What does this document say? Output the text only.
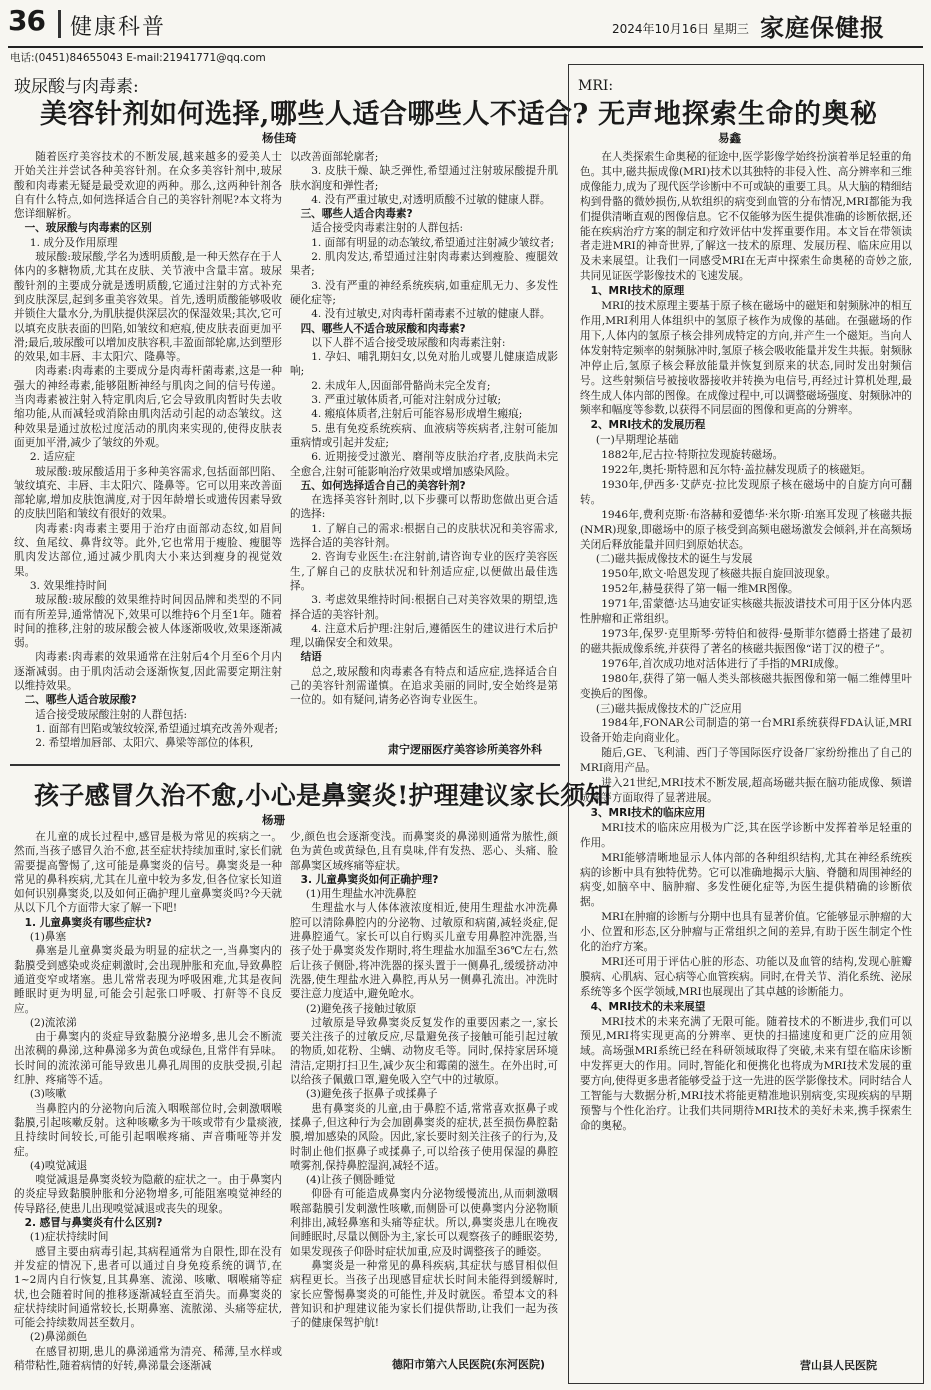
36 健康科普	2024年10月16日 星期三 家庭保健报
电话:(0451)84655043 E-mail:21941771@qq.com
玻尿酸与肉毒素:
美容针剂如何选择,哪些人适合哪些人不适合?
杨佳琦

随着医疗美容技术的不断发展,越来越多的爱美人士开始关注并尝试各种美容针剂。在众多美容针剂中,玻尿酸和肉毒素无疑是最受欢迎的两种。那么,这两种针剂各自有什么特点,如何选择适合自己的美容针剂呢?本文将为您详细解析。

一、玻尿酸与肉毒素的区别

1. 成分及作用原理

玻尿酸:玻尿酸,学名为透明质酸,是一种天然存在于人体内的多糖物质,尤其在皮肤、关节液中含量丰富。玻尿酸针剂的主要成分就是透明质酸,它通过注射的方式补充到皮肤深层,起到多重美容效果。首先,透明质酸能够吸收并锁住大量水分,为肌肤提供深层次的保湿效果;其次,它可以填充皮肤表面的凹陷,如皱纹和疤痕,使皮肤表面更加平滑;最后,玻尿酸可以增加皮肤容积,丰盈面部轮廓,达到塑形的效果,如丰唇、丰太阳穴、隆鼻等。

肉毒素:肉毒素的主要成分是肉毒杆菌毒素,这是一种强大的神经毒素,能够阻断神经与肌肉之间的信号传递。当肉毒素被注射入特定肌肉后,它会导致肌肉暂时失去收缩功能,从而减轻或消除由肌肉活动引起的动态皱纹。这种效果是通过放松过度活动的肌肉来实现的,使得皮肤表面更加平滑,减少了皱纹的外观。

2. 适应症

玻尿酸:玻尿酸适用于多种美容需求,包括面部凹陷、皱纹填充、丰唇、丰太阳穴、隆鼻等。它可以用来改善面部轮廓,增加皮肤饱满度,对于因年龄增长或遗传因素导致的皮肤凹陷和皱纹有很好的效果。

肉毒素:肉毒素主要用于治疗由面部动态纹,如眉间纹、鱼尾纹、鼻背纹等。此外,它也常用于瘦脸、瘦腿等肌肉发达部位,通过减少肌肉大小来达到瘦身的视觉效果。

3. 效果维持时间

玻尿酸:玻尿酸的效果维持时间因品牌和类型的不同而有所差异,通常情况下,效果可以维持6个月至1年。随着时间的推移,注射的玻尿酸会被人体逐渐吸收,效果逐渐减弱。

肉毒素:肉毒素的效果通常在注射后4个月至6个月内逐渐减弱。由于肌肉活动会逐渐恢复,因此需要定期注射以维持效果。

二、哪些人适合玻尿酸?

适合接受玻尿酸注射的人群包括:

1. 面部有凹陷或皱纹较深,希望通过填充改善外观者;

2. 希望增加唇部、太阳穴、鼻梁等部位的体积,

以改善面部轮廓者;

3. 皮肤干燥、缺乏弹性,希望通过注射玻尿酸提升肌肤水润度和弹性者;

4. 没有严重过敏史,对透明质酸不过敏的健康人群。

三、哪些人适合肉毒素?

适合接受肉毒素注射的人群包括:

1. 面部有明显的动态皱纹,希望通过注射减少皱纹者;

2. 肌肉发达,希望通过注射肉毒素达到瘦脸、瘦腿效果者;

3. 没有严重的神经系统疾病,如重症肌无力、多发性硬化症等;

4. 没有过敏史,对肉毒杆菌毒素不过敏的健康人群。

四、哪些人不适合玻尿酸和肉毒素?

以下人群不适合接受玻尿酸和肉毒素注射:

1. 孕妇、哺乳期妇女,以免对胎儿或婴儿健康造成影响;

2. 未成年人,因面部骨骼尚未完全发育;

3. 严重过敏体质者,可能对注射成分过敏;

4. 瘢痕体质者,注射后可能容易形成增生瘢痕;

5. 患有免疫系统疾病、血液病等疾病者,注射可能加重病情或引起并发症;

6. 近期接受过激光、磨削等皮肤治疗者,皮肤尚未完全愈合,注射可能影响治疗效果或增加感染风险。

五、如何选择适合自己的美容针剂?

在选择美容针剂时,以下步骤可以帮助您做出更合适的选择:

1. 了解自己的需求:根据自己的皮肤状况和美容需求,选择合适的美容针剂。

2. 咨询专业医生:在注射前,请咨询专业的医疗美容医生,了解自己的皮肤状况和针剂适应症,以便做出最佳选择。

3. 考虑效果维持时间:根据自己对美容效果的期望,选择合适的美容针剂。

4. 注意术后护理:注射后,遵循医生的建议进行术后护理,以确保安全和效果。

结语

总之,玻尿酸和肉毒素各有特点和适应症,选择适合自己的美容针剂需谨慎。在追求美丽的同时,安全始终是第一位的。如有疑问,请务必咨询专业医生。

肃宁逻丽医疗美容诊所美容外科
孩子感冒久治不愈,小心是鼻窦炎!护理建议家长须知
杨珊

在儿童的成长过程中,感冒是极为常见的疾病之一。然而,当孩子感冒久治不愈,甚至症状持续加重时,家长们就需要提高警惕了,这可能是鼻窦炎的信号。鼻窦炎是一种常见的鼻科疾病,尤其在儿童中较为多发,但各位家长知道如何识别鼻窦炎,以及如何正确护理儿童鼻窦炎吗?今天就从以下几个方面带大家了解一下吧!

1. 儿童鼻窦炎有哪些症状?

(1)鼻塞

鼻塞是儿童鼻窦炎最为明显的症状之一,当鼻窦内的黏膜受到感染或炎症刺激时,会出现肿胀和充血,导致鼻腔通道变窄或堵塞。患儿常常表现为呼吸困难,尤其是夜间睡眠时更为明显,可能会引起张口呼吸、打鼾等不良反应。

(2)流浓涕

由于鼻窦内的炎症导致黏膜分泌增多,患儿会不断流出浓稠的鼻涕,这种鼻涕多为黄色或绿色,且常伴有异味。长时间的流浓涕可能导致患儿鼻孔周围的皮肤受损,引起红肿、疼痛等不适。

(3)咳嗽

当鼻腔内的分泌物向后流入咽喉部位时,会刺激咽喉黏膜,引起咳嗽反射。这种咳嗽多为干咳或带有少量痰液,且持续时间较长,可能引起咽喉疼痛、声音嘶哑等并发症。

(4)嗅觉减退

嗅觉减退是鼻窦炎较为隐蔽的症状之一。由于鼻窦内的炎症导致黏膜肿胀和分泌物增多,可能阻塞嗅觉神经的传导路径,使患儿出现嗅觉减退或丧失的现象。

2. 感冒与鼻窦炎有什么区别?

(1)症状持续时间

感冒主要由病毒引起,其病程通常为自限性,即在没有并发症的情况下,患者可以通过自身免疫系统的调节,在1~2周内自行恢复,且其鼻塞、流涕、咳嗽、咽喉痛等症状,也会随着时间的推移逐渐减轻直至消失。而鼻窦炎的症状持续时间通常较长,长期鼻塞、流脓涕、头痛等症状,可能会持续数周甚至数月。

(2)鼻涕颜色

在感冒初期,患儿的鼻涕通常为清亮、稀薄,呈水样或稍带粘性,随着病情的好转,鼻涕量会逐渐减

少,颜色也会逐渐变浅。而鼻窦炎的鼻涕则通常为脓性,颜色为黄色或黄绿色,且有臭味,伴有发热、恶心、头痛、脸部鼻窦区域疼痛等症状。

3. 儿童鼻窦炎如何正确护理?

(1)用生理盐水冲洗鼻腔

生理盐水与人体体液浓度相近,使用生理盐水冲洗鼻腔可以清除鼻腔内的分泌物、过敏原和病菌,减轻炎症,促进鼻腔通气。家长可以自行购买儿童专用鼻腔冲洗器,当孩子处于鼻窦炎发作期时,将生理盐水加温至36℃左右,然后让孩子侧卧,将冲洗器的探头置于一侧鼻孔,缓缓挤动冲洗器,使生理盐水进入鼻腔,再从另一侧鼻孔流出。冲洗时要注意力度适中,避免呛水。

(2)避免孩子接触过敏原

过敏原是导致鼻窦炎反复发作的重要因素之一,家长要关注孩子的过敏反应,尽量避免孩子接触可能引起过敏的物质,如花粉、尘螨、动物皮毛等。同时,保持家居环境清洁,定期打扫卫生,减少灰尘和霉菌的滋生。在外出时,可以给孩子佩戴口罩,避免吸入空气中的过敏原。

(3)避免孩子抠鼻子或揉鼻子

患有鼻窦炎的儿童,由于鼻腔不适,常常喜欢抠鼻子或揉鼻子,但这种行为会加剧鼻窦炎的症状,甚至损伤鼻腔黏膜,增加感染的风险。因此,家长要时刻关注孩子的行为,及时制止他们抠鼻子或揉鼻子,可以给孩子使用保湿的鼻腔喷雾剂,保持鼻腔湿润,减轻不适。

(4)让孩子侧卧睡觉

仰卧有可能造成鼻窦内分泌物缓慢流出,从而刺激咽喉部黏膜引发刺激性咳嗽,而侧卧可以使鼻窦内分泌物顺利排出,减轻鼻塞和头痛等症状。所以,鼻窦炎患儿在晚夜间睡眠时,尽量以侧卧为主,家长可以观察孩子的睡眠姿势,如果发现孩子仰卧时症状加重,应及时调整孩子的睡姿。

鼻窦炎是一种常见的鼻科疾病,其症状与感冒相似但病程更长。当孩子出现感冒症状长时间未能得到缓解时,家长应警惕鼻窦炎的可能性,并及时就医。希望本文的科普知识和护理建议能为家长们提供帮助,让我们一起为孩子的健康保驾护航!

德阳市第六人民医院(东河医院)
MRI:
无声地探索生命的奥秘
易鑫

在人类探索生命奥秘的征途中,医学影像学始终扮演着举足轻重的角色。其中,磁共振成像(MRI)技术以其独特的非侵入性、高分辨率和三维成像能力,成为了现代医学诊断中不可或缺的重要工具。从大脑的精细结构到骨骼的微妙损伤,从软组织的病变到血管的分布情况,MRI都能为我们提供清晰直观的图像信息。它不仅能够为医生提供准确的诊断依据,还能在疾病治疗方案的制定和疗效评估中发挥重要作用。本文旨在带领读者走进MRI的神奇世界,了解这一技术的原理、发展历程、临床应用以及未来展望。让我们一同感受MRI在无声中探索生命奥秘的奇妙之旅,共同见证医学影像技术的飞速发展。

1、MRI技术的原理

MRI的技术原理主要基于原子核在磁场中的磁矩和射频脉冲的相互作用,MRI利用人体组织中的氢原子核作为成像的基础。在强磁场的作用下,人体内的氢原子核会排列成特定的方向,并产生一个磁矩。当向人体发射特定频率的射频脉冲时,氢原子核会吸收能量并发生共振。射频脉冲停止后,氢原子核会释放能量并恢复到原来的状态,同时发出射频信号。这些射频信号被接收器接收并转换为电信号,再经过计算机处理,最终生成人体内部的图像。在成像过程中,可以调整磁场强度、射频脉冲的频率和幅度等参数,以获得不同层面的图像和更高的分辨率。

2、MRI技术的发展历程

(一)早期理论基础

1882年,尼古拉·特斯拉发现旋转磁场。

1922年,奥托·斯特恩和瓦尔特·盖拉赫发现质子的核磁矩。

1930年,伊西多·艾萨克·拉比发现原子核在磁场中的自旋方向可翻转。

1946年,费利克斯·布洛赫和爱德华·米尔斯·珀塞耳发现了核磁共振(NMR)现象,即磁场中的原子核受到高频电磁场激发会倾斜,并在高频场关闭后释放能量并回归到原始状态。

(二)磁共振成像技术的诞生与发展

1950年,欧文·哈恩发现了核磁共振自旋回波现象。

1952年,赫曼获得了第一幅一维MR图像。

1971年,雷蒙德·达马迪安证实核磁共振波谱技术可用于区分体内恶性肿瘤和正常组织。

1973年,保罗·克里斯琴·劳特伯和彼得·曼斯菲尔德爵士搭建了最初的磁共振成像系统,并获得了著名的核磁共振图像“诺丁汉的橙子”。

1976年,首次成功地对活体进行了手指的MRI成像。

1980年,获得了第一幅人类头部核磁共振图像和第一幅二维傅里叶变换后的图像。

(三)磁共振成像技术的广泛应用

1984年,FONAR公司制造的第一台MRI系统获得FDA认证,MRI设备开始走向商业化。

随后,GE、飞利浦、西门子等国际医疗设备厂家纷纷推出了自己的MRI商用产品。

进入21世纪,MRI技术不断发展,超高场磁共振在脑功能成像、频谱成像等方面取得了显著进展。

3、MRI技术的临床应用

MRI技术的临床应用极为广泛,其在医学诊断中发挥着举足轻重的作用。

MRI能够清晰地显示人体内部的各种组织结构,尤其在神经系统疾病的诊断中具有独特优势。它可以准确地揭示大脑、脊髓和周围神经的病变,如脑卒中、脑肿瘤、多发性硬化症等,为医生提供精确的诊断依据。

MRI在肿瘤的诊断与分期中也具有显著价值。它能够显示肿瘤的大小、位置和形态,区分肿瘤与正常组织之间的差异,有助于医生制定个性化的治疗方案。

MRI还可用于评估心脏的形态、功能以及血管的结构,发现心脏瓣膜病、心肌病、冠心病等心血管疾病。同时,在骨关节、消化系统、泌尿系统等多个医学领域,MRI也展现出了其卓越的诊断能力。

4、MRI技术的未来展望

MRI技术的未来充满了无限可能。随着技术的不断进步,我们可以预见,MRI将实现更高的分辨率、更快的扫描速度和更广泛的应用领域。高场强MRI系统已经在科研领域取得了突破,未来有望在临床诊断中发挥更大的作用。同时,智能化和便携化也将成为MRI技术发展的重要方向,使得更多患者能够受益于这一先进的医学影像技术。同时结合人工智能与大数据分析,MRI技术将能更精准地识别病变,实现疾病的早期预警与个性化治疗。让我们共同期待MRI技术的美好未来,携手探索生命的奥秘。

营山县人民医院
